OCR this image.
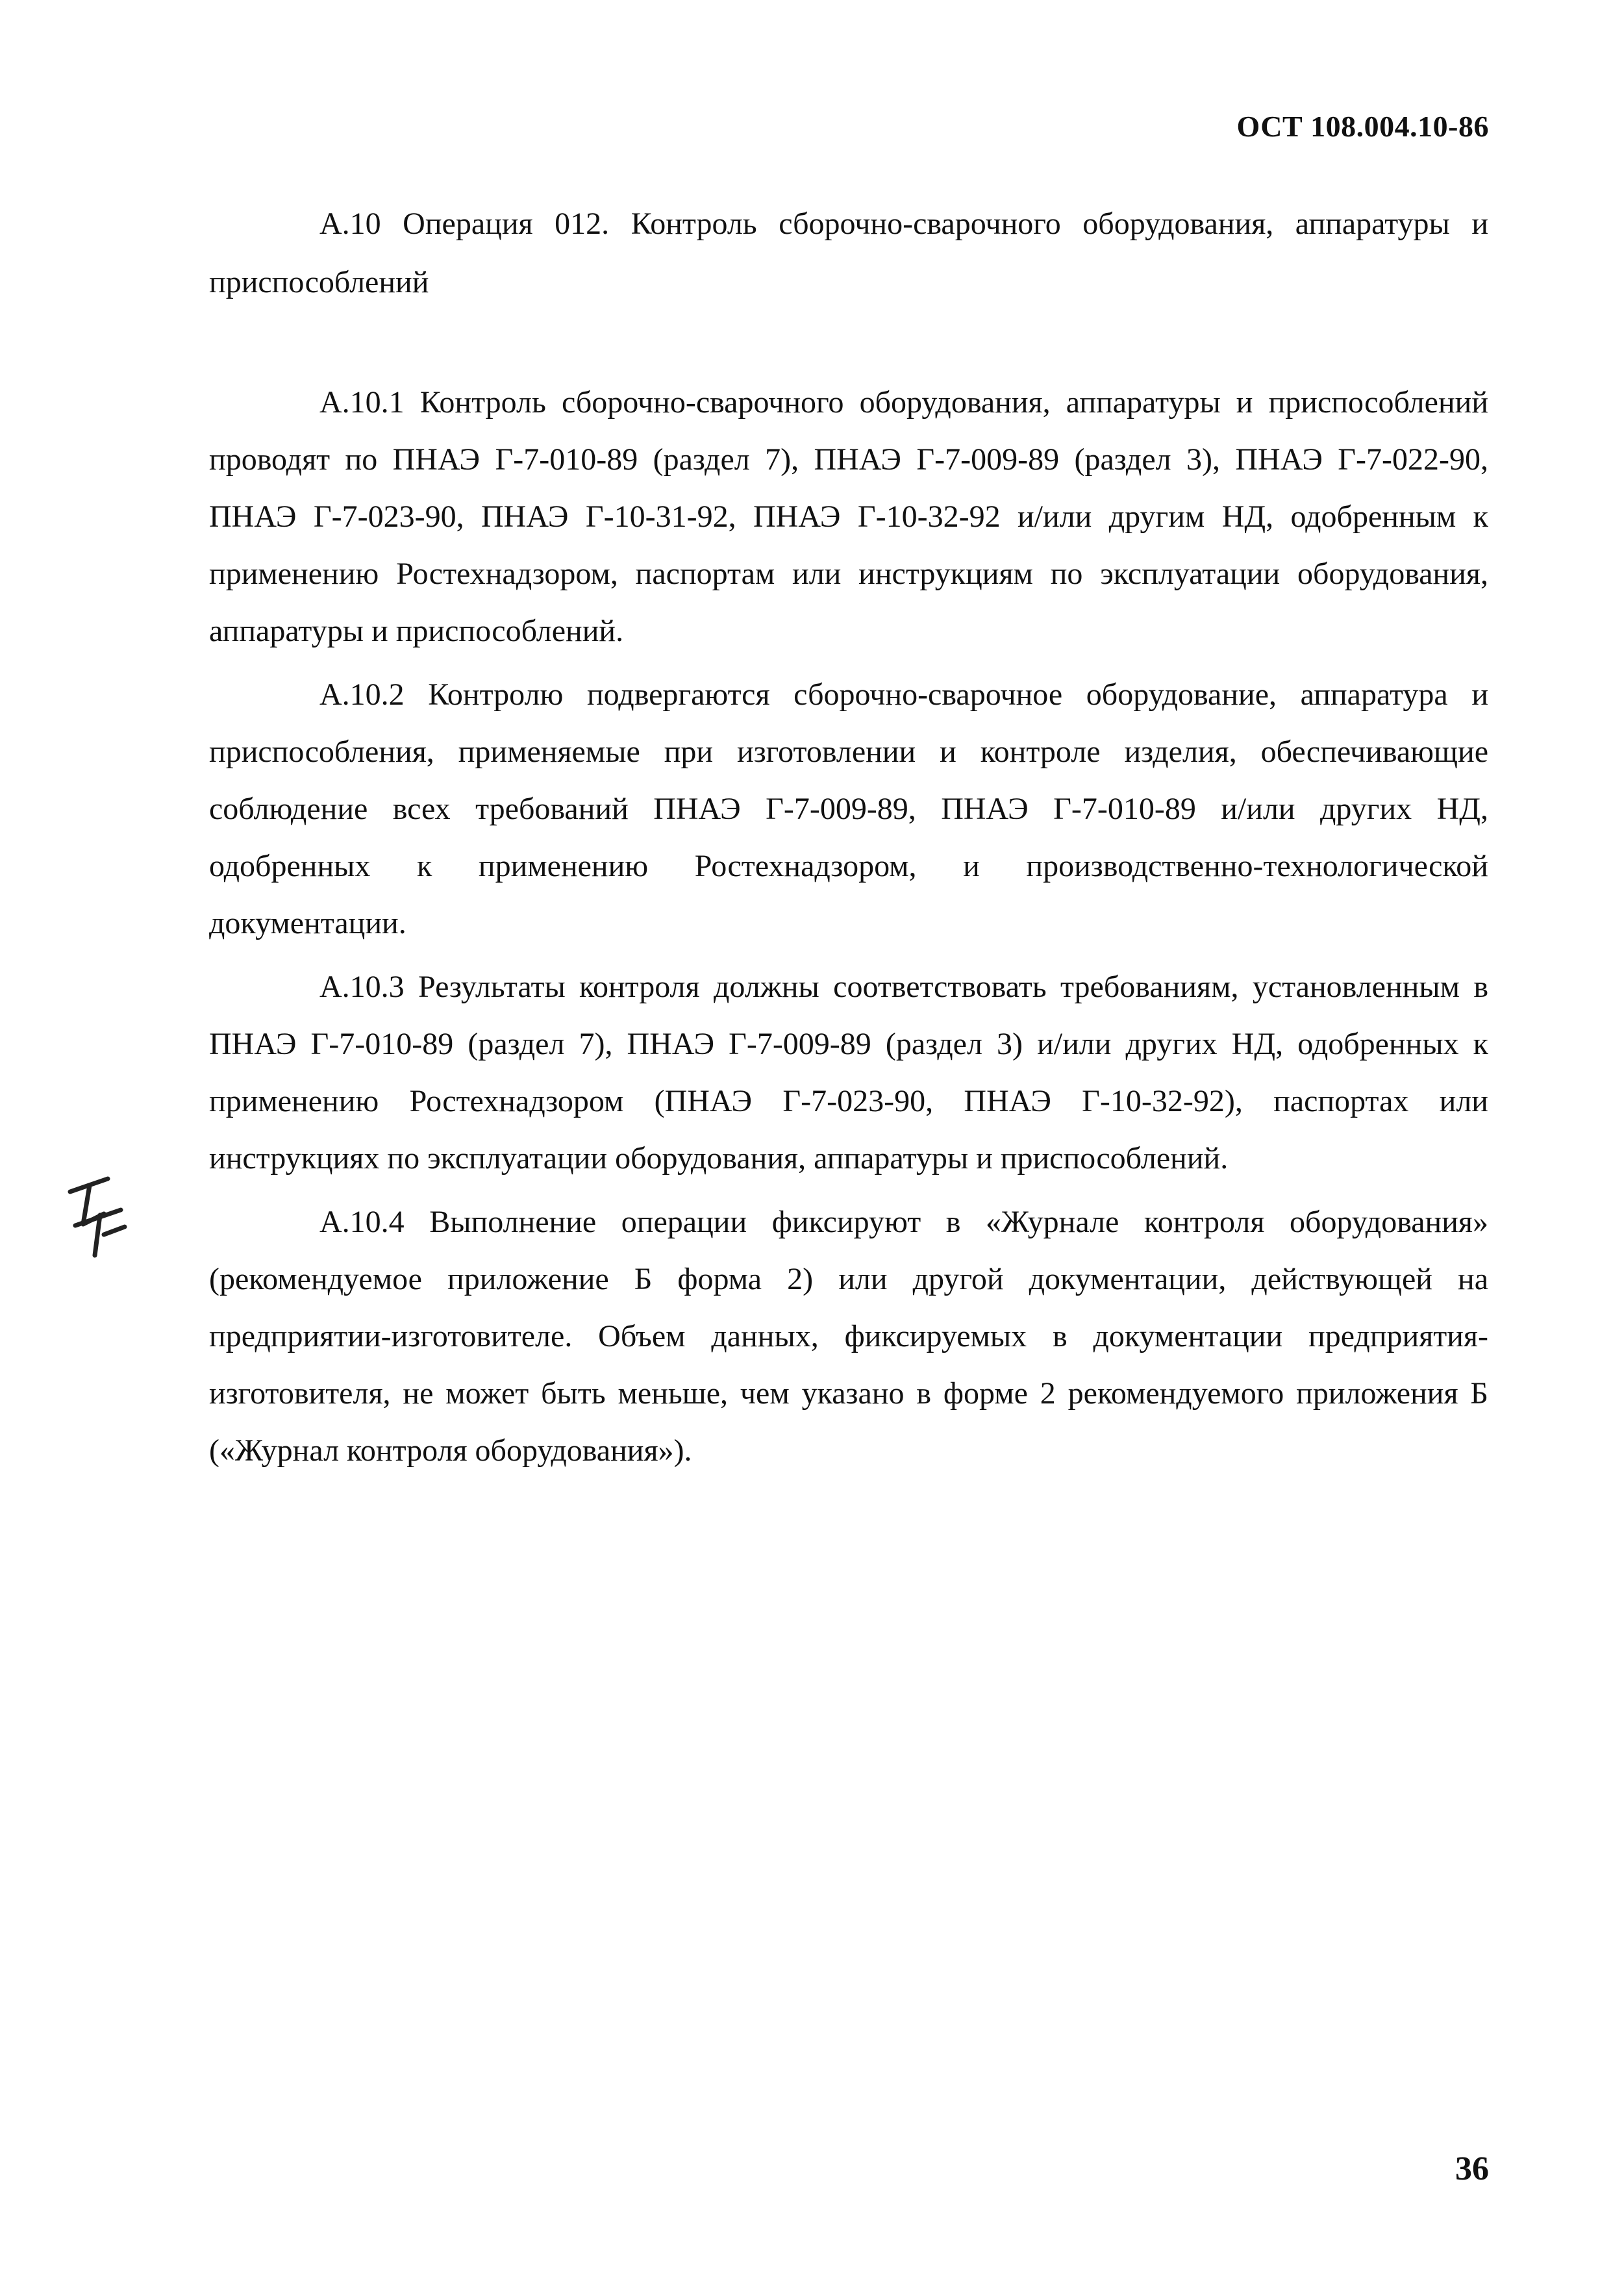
ОСТ 108.004.10-86

А.10 Операция 012. Контроль сборочно-сварочного оборудования, аппаратуры и приспособлений

А.10.1 Контроль сборочно-сварочного оборудования, аппаратуры и приспособлений проводят по ПНАЭ Г-7-010-89 (раздел 7), ПНАЭ Г-7-009-89 (раздел 3), ПНАЭ Г-7-022-90, ПНАЭ Г-7-023-90, ПНАЭ Г-10-31-92, ПНАЭ Г-10-32-92 и/или другим НД, одобренным к применению Ростехнадзором, паспортам или инструкциям по эксплуатации оборудования, аппаратуры и приспособлений.

А.10.2 Контролю подвергаются сборочно-сварочное оборудование, аппаратура и приспособления, применяемые при изготовлении и контроле изделия, обеспечивающие соблюдение всех требований ПНАЭ Г-7-009-89, ПНАЭ Г-7-010-89 и/или других НД, одобренных к применению Ростехнадзором, и производственно-технологической документации.

А.10.3 Результаты контроля должны соответствовать требованиям, установленным в ПНАЭ Г-7-010-89 (раздел 7), ПНАЭ Г-7-009-89 (раздел 3) и/или других НД, одобренных к применению Ростехнадзором (ПНАЭ Г-7-023-90, ПНАЭ Г-10-32-92), паспортах или инструкциях по эксплуатации оборудования, аппаратуры и приспособлений.

А.10.4 Выполнение операции фиксируют в «Журнале контроля оборудования» (рекомендуемое приложение Б форма 2) или другой документации, действующей на предприятии-изготовителе. Объем данных, фиксируемых в документации предприятия-изготовителя, не может быть меньше, чем указано в форме 2 рекомендуемого приложения Б («Журнал контроля оборудования»).

36
